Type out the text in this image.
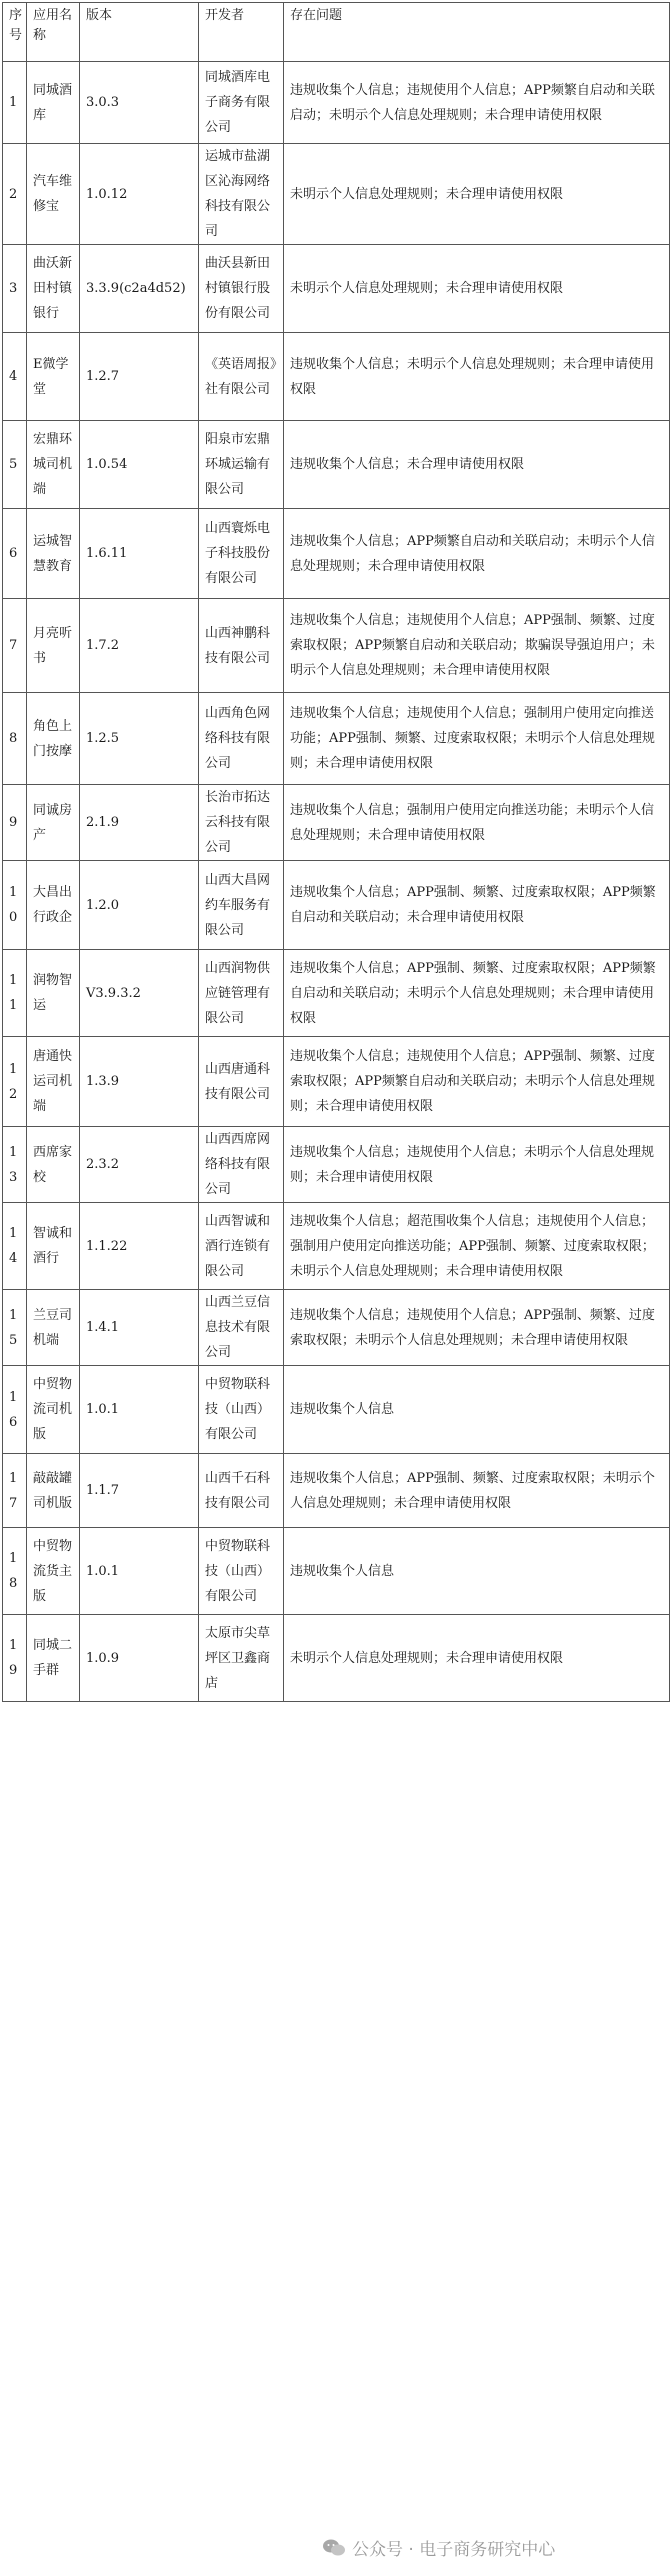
序号	应用名称	版本	开发者	存在问题
1	同城酒库	3.0.3	同城酒库电子商务有限公司	违规收集个人信息；违规使用个人信息；APP频繁自启动和关联启动；未明示个人信息处理规则；未合理申请使用权限
2	汽车维修宝	1.0.12	运城市盐湖区沁海网络科技有限公司	未明示个人信息处理规则；未合理申请使用权限
3	曲沃新田村镇银行	3.3.9(c2a4d52)	曲沃县新田村镇银行股份有限公司	未明示个人信息处理规则；未合理申请使用权限
4	E微学堂	1.2.7	《英语周报》社有限公司	违规收集个人信息；未明示个人信息处理规则；未合理申请使用权限
5	宏鼎环城司机端	1.0.54	阳泉市宏鼎环城运输有限公司	违规收集个人信息；未合理申请使用权限
6	运城智慧教育	1.6.11	山西寰烁电子科技股份有限公司	违规收集个人信息；APP频繁自启动和关联启动；未明示个人信息处理规则；未合理申请使用权限
7	月亮听书	1.7.2	山西神鹏科技有限公司	违规收集个人信息；违规使用个人信息；APP强制、频繁、过度索取权限；APP频繁自启动和关联启动；欺骗误导强迫用户；未明示个人信息处理规则；未合理申请使用权限
8	角色上门按摩	1.2.5	山西角色网络科技有限公司	违规收集个人信息；违规使用个人信息；强制用户使用定向推送功能；APP强制、频繁、过度索取权限；未明示个人信息处理规则；未合理申请使用权限
9	同诚房产	2.1.9	长治市拓达云科技有限公司	违规收集个人信息；强制用户使用定向推送功能；未明示个人信息处理规则；未合理申请使用权限
10	大昌出行政企	1.2.0	山西大昌网约车服务有限公司	违规收集个人信息；APP强制、频繁、过度索取权限；APP频繁自启动和关联启动；未合理申请使用权限
11	润物智运	V3.9.3.2	山西润物供应链管理有限公司	违规收集个人信息；APP强制、频繁、过度索取权限；APP频繁自启动和关联启动；未明示个人信息处理规则；未合理申请使用权限
12	唐通快运司机端	1.3.9	山西唐通科技有限公司	违规收集个人信息；违规使用个人信息；APP强制、频繁、过度索取权限；APP频繁自启动和关联启动；未明示个人信息处理规则；未合理申请使用权限
13	西席家校	2.3.2	山西西席网络科技有限公司	违规收集个人信息；违规使用个人信息；未明示个人信息处理规则；未合理申请使用权限
14	智诚和酒行	1.1.22	山西智诚和酒行连锁有限公司	违规收集个人信息；超范围收集个人信息；违规使用个人信息；强制用户使用定向推送功能；APP强制、频繁、过度索取权限；未明示个人信息处理规则；未合理申请使用权限
15	兰豆司机端	1.4.1	山西兰豆信息技术有限公司	违规收集个人信息；违规使用个人信息；APP强制、频繁、过度索取权限；未明示个人信息处理规则；未合理申请使用权限
16	中贸物流司机版	1.0.1	中贸物联科技（山西）有限公司	违规收集个人信息
17	敲敲罐司机版	1.1.7	山西千石科技有限公司	违规收集个人信息；APP强制、频繁、过度索取权限；未明示个人信息处理规则；未合理申请使用权限
18	中贸物流货主版	1.0.1	中贸物联科技（山西）有限公司	违规收集个人信息
19	同城二手群	1.0.9	太原市尖草坪区卫鑫商店	未明示个人信息处理规则；未合理申请使用权限
公众号 · 电子商务研究中心
